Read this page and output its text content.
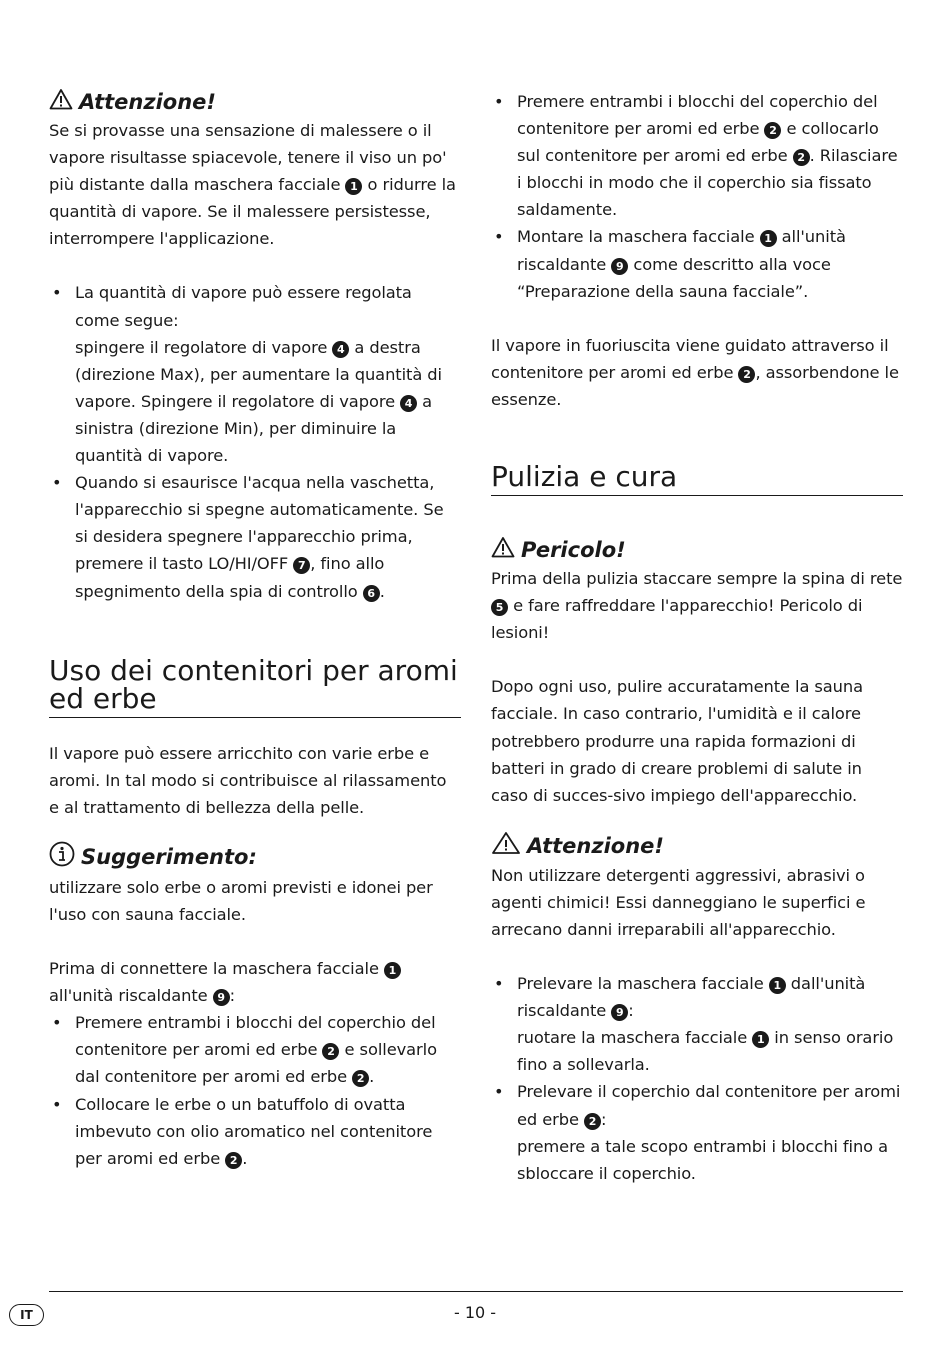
Attenzione!

Se si provasse una sensazione di malessere o il vapore risultasse spiacevole, tenere il viso un po' più distante dalla maschera facciale 1 o ridurre la quantità di vapore. Se il malessere persistesse, interrompere l'applicazione.

• La quantità di vapore può essere regolata come segue:
spingere il regolatore di vapore 4 a destra (direzione Max), per aumentare la quantità di vapore. Spingere il regolatore di vapore 4 a sinistra (direzione Min), per diminuire la quantità di vapore.
• Quando si esaurisce l'acqua nella vaschetta, l'apparecchio si spegne automaticamente. Se si desidera spegnere l'apparecchio prima, premere il tasto LO/HI/OFF 7 , fino allo spegnimento della spia di controllo 6 .
Uso dei contenitori per aromi ed erbe

Il vapore può essere arricchito con varie erbe e aromi. In tal modo si contribuisce al rilassamento e al trattamento di bellezza della pelle.

Suggerimento:

utilizzare solo erbe o aromi previsti e idonei per l'uso con sauna facciale.

Prima di connettere la maschera facciale 1 all'unità riscaldante 9 :

• Premere entrambi i blocchi del coperchio del contenitore per aromi ed erbe 2 e sollevarlo dal contenitore per aromi ed erbe 2 .
• Collocare le erbe o un batuffolo di ovatta imbevuto con olio aromatico nel contenitore per aromi ed erbe 2 .
• Premere entrambi i blocchi del coperchio del contenitore per aromi ed erbe 2 e collocarlo sul contenitore per aromi ed erbe 2 . Rilasciare i blocchi in modo che il coperchio sia fissato saldamente.
• Montare la maschera facciale 1 all'unità riscaldante 9 come descritto alla voce “Preparazione della sauna facciale”.

Il vapore in fuoriuscita viene guidato attraverso il contenitore per aromi ed erbe 2 , assorbendone le essenze.

Pulizia e cura
Pericolo!

Prima della pulizia staccare sempre la spina di rete 5 e fare raffreddare l'apparecchio! Pericolo di lesioni!

Dopo ogni uso, pulire accuratamente la sauna facciale. In caso contrario, l'umidità e il calore potrebbero produrre una rapida formazioni di batteri in grado di creare problemi di salute in caso di succes-sivo impiego dell'apparecchio.

Attenzione!

Non utilizzare detergenti aggressivi, abrasivi o agenti chimici! Essi danneggiano le superfici e arrecano danni irreparabili all'apparecchio.

• Prelevare la maschera facciale 1 dall'unità riscaldante 9 :
ruotare la maschera facciale 1 in senso orario fino a sollevarla.
• Prelevare il coperchio dal contenitore per aromi ed erbe 2 :
premere a tale scopo entrambi i blocchi fino a sbloccare il coperchio.
IT	- 10 -
